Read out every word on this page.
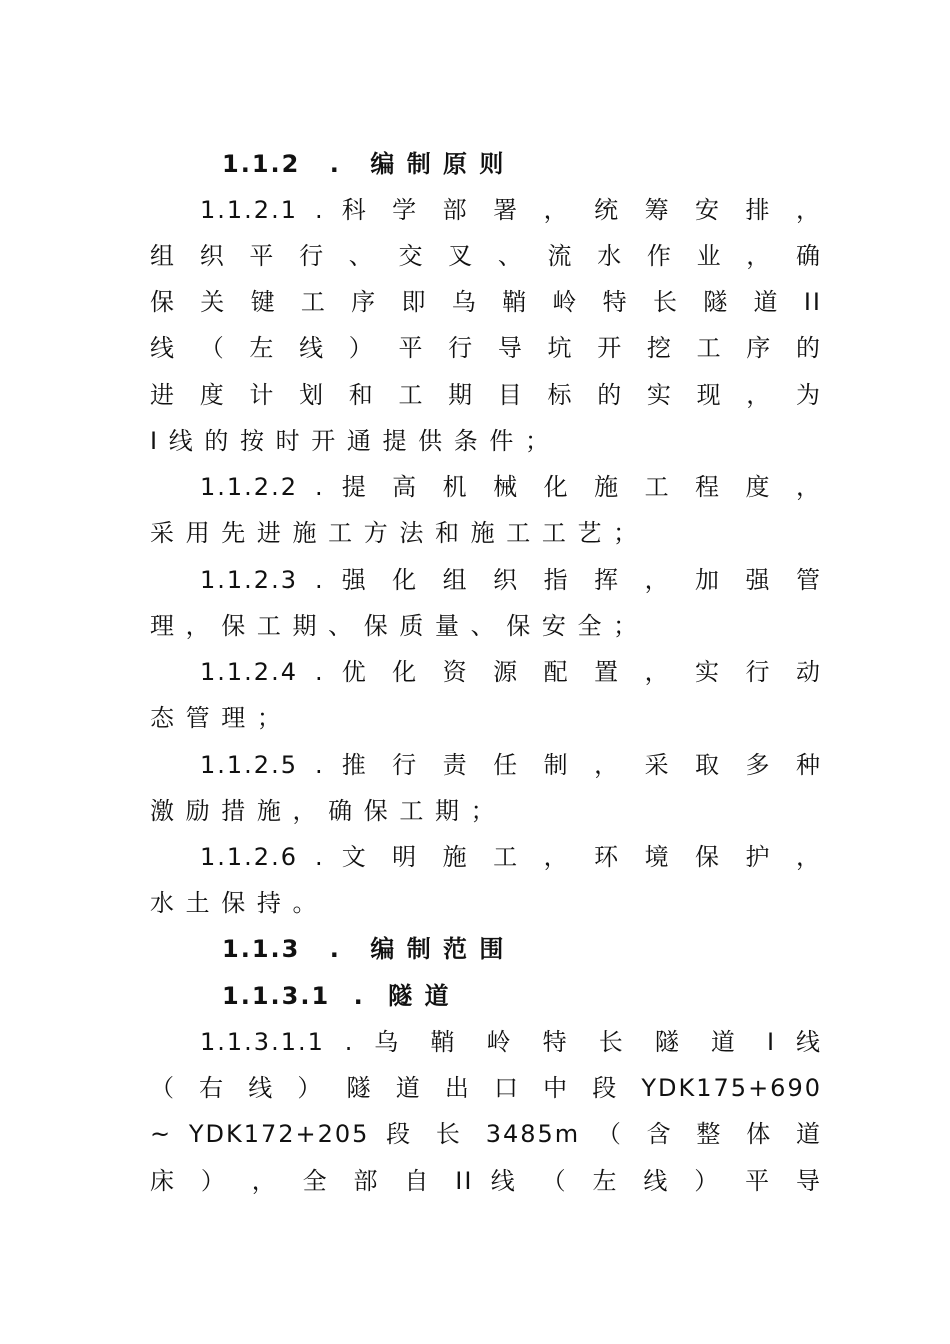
1.1.2 . 编 制 原 则
1.1.2.1 . 科 学 部 署 ， 统 筹 安 排 ，
组 织 平 行 、 交 叉 、 流 水 作 业 ， 确
保 关 键 工 序 即 乌 鞘 岭 特 长 隧 道 II
线 （ 左 线 ） 平 行 导 坑 开 挖 工 序 的
进 度 计 划 和 工 期 目 标 的 实 现 ， 为
I 线 的 按 时 开 通 提 供 条 件 ；
1.1.2.2 . 提 高 机 械 化 施 工 程 度 ，
采 用 先 进 施 工 方 法 和 施 工 工 艺 ；
1.1.2.3 . 强 化 组 织 指 挥 ， 加 强 管
理 ， 保 工 期 、 保 质 量 、 保 安 全 ；
1.1.2.4 . 优 化 资 源 配 置 ， 实 行 动
态 管 理 ；
1.1.2.5 . 推 行 责 任 制 ， 采 取 多 种
激 励 措 施 ， 确 保 工 期 ；
1.1.2.6 . 文 明 施 工 ， 环 境 保 护 ，
水 土 保 持 。
1.1.3 . 编 制 范 围
1.1.3.1 . 隧 道
1.1.3.1.1 . 乌 鞘 岭 特 长 隧 道 I 线
（ 右 线 ） 隧 道 出 口 中 段 YDK175+690
~ YDK172+205 段 长 3485m （ 含 整 体 道
床 ） ， 全 部 自 II 线 （ 左 线 ） 平 导
